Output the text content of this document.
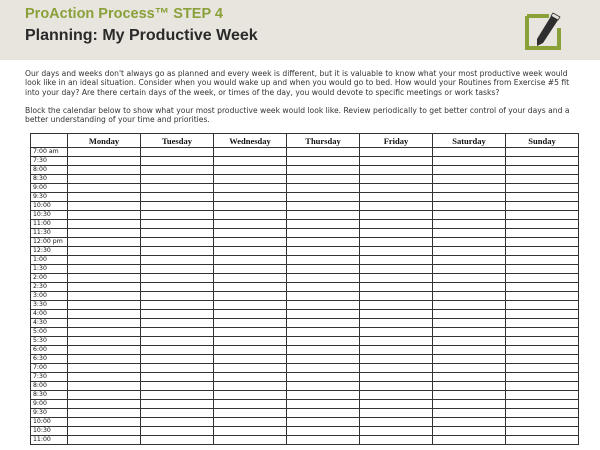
ProAction Process™ STEP 4
Planning: My Productive Week

Our days and weeks don't always go as planned and every week is different, but it is valuable to know what your most productive week would look like in an ideal situation. Consider when you would wake up and when you would go to bed. How would your Routines from Exercise #5 fit into your day? Are there certain days of the week, or times of the day, you would devote to specific meetings or work tasks?

Block the calendar below to show what your most productive week would look like. Review periodically to get better control of your days and a better understanding of your time and priorities.

	Monday	Tuesday	Wednesday	Thursday	Friday	Saturday	Sunday
7:00 am							
7:30							
8:00							
8:30							
9:00							
9:30							
10:00							
10:30							
11:00							
11:30							
12:00 pm							
12:30							
1:00							
1:30							
2:00							
2:30							
3:00							
3:30							
4:00							
4:30							
5:00							
5:30							
6:00							
6:30							
7:00							
7:30							
8:00							
8:30							
9:00							
9:30							
10:00							
10:30							
11:00							
